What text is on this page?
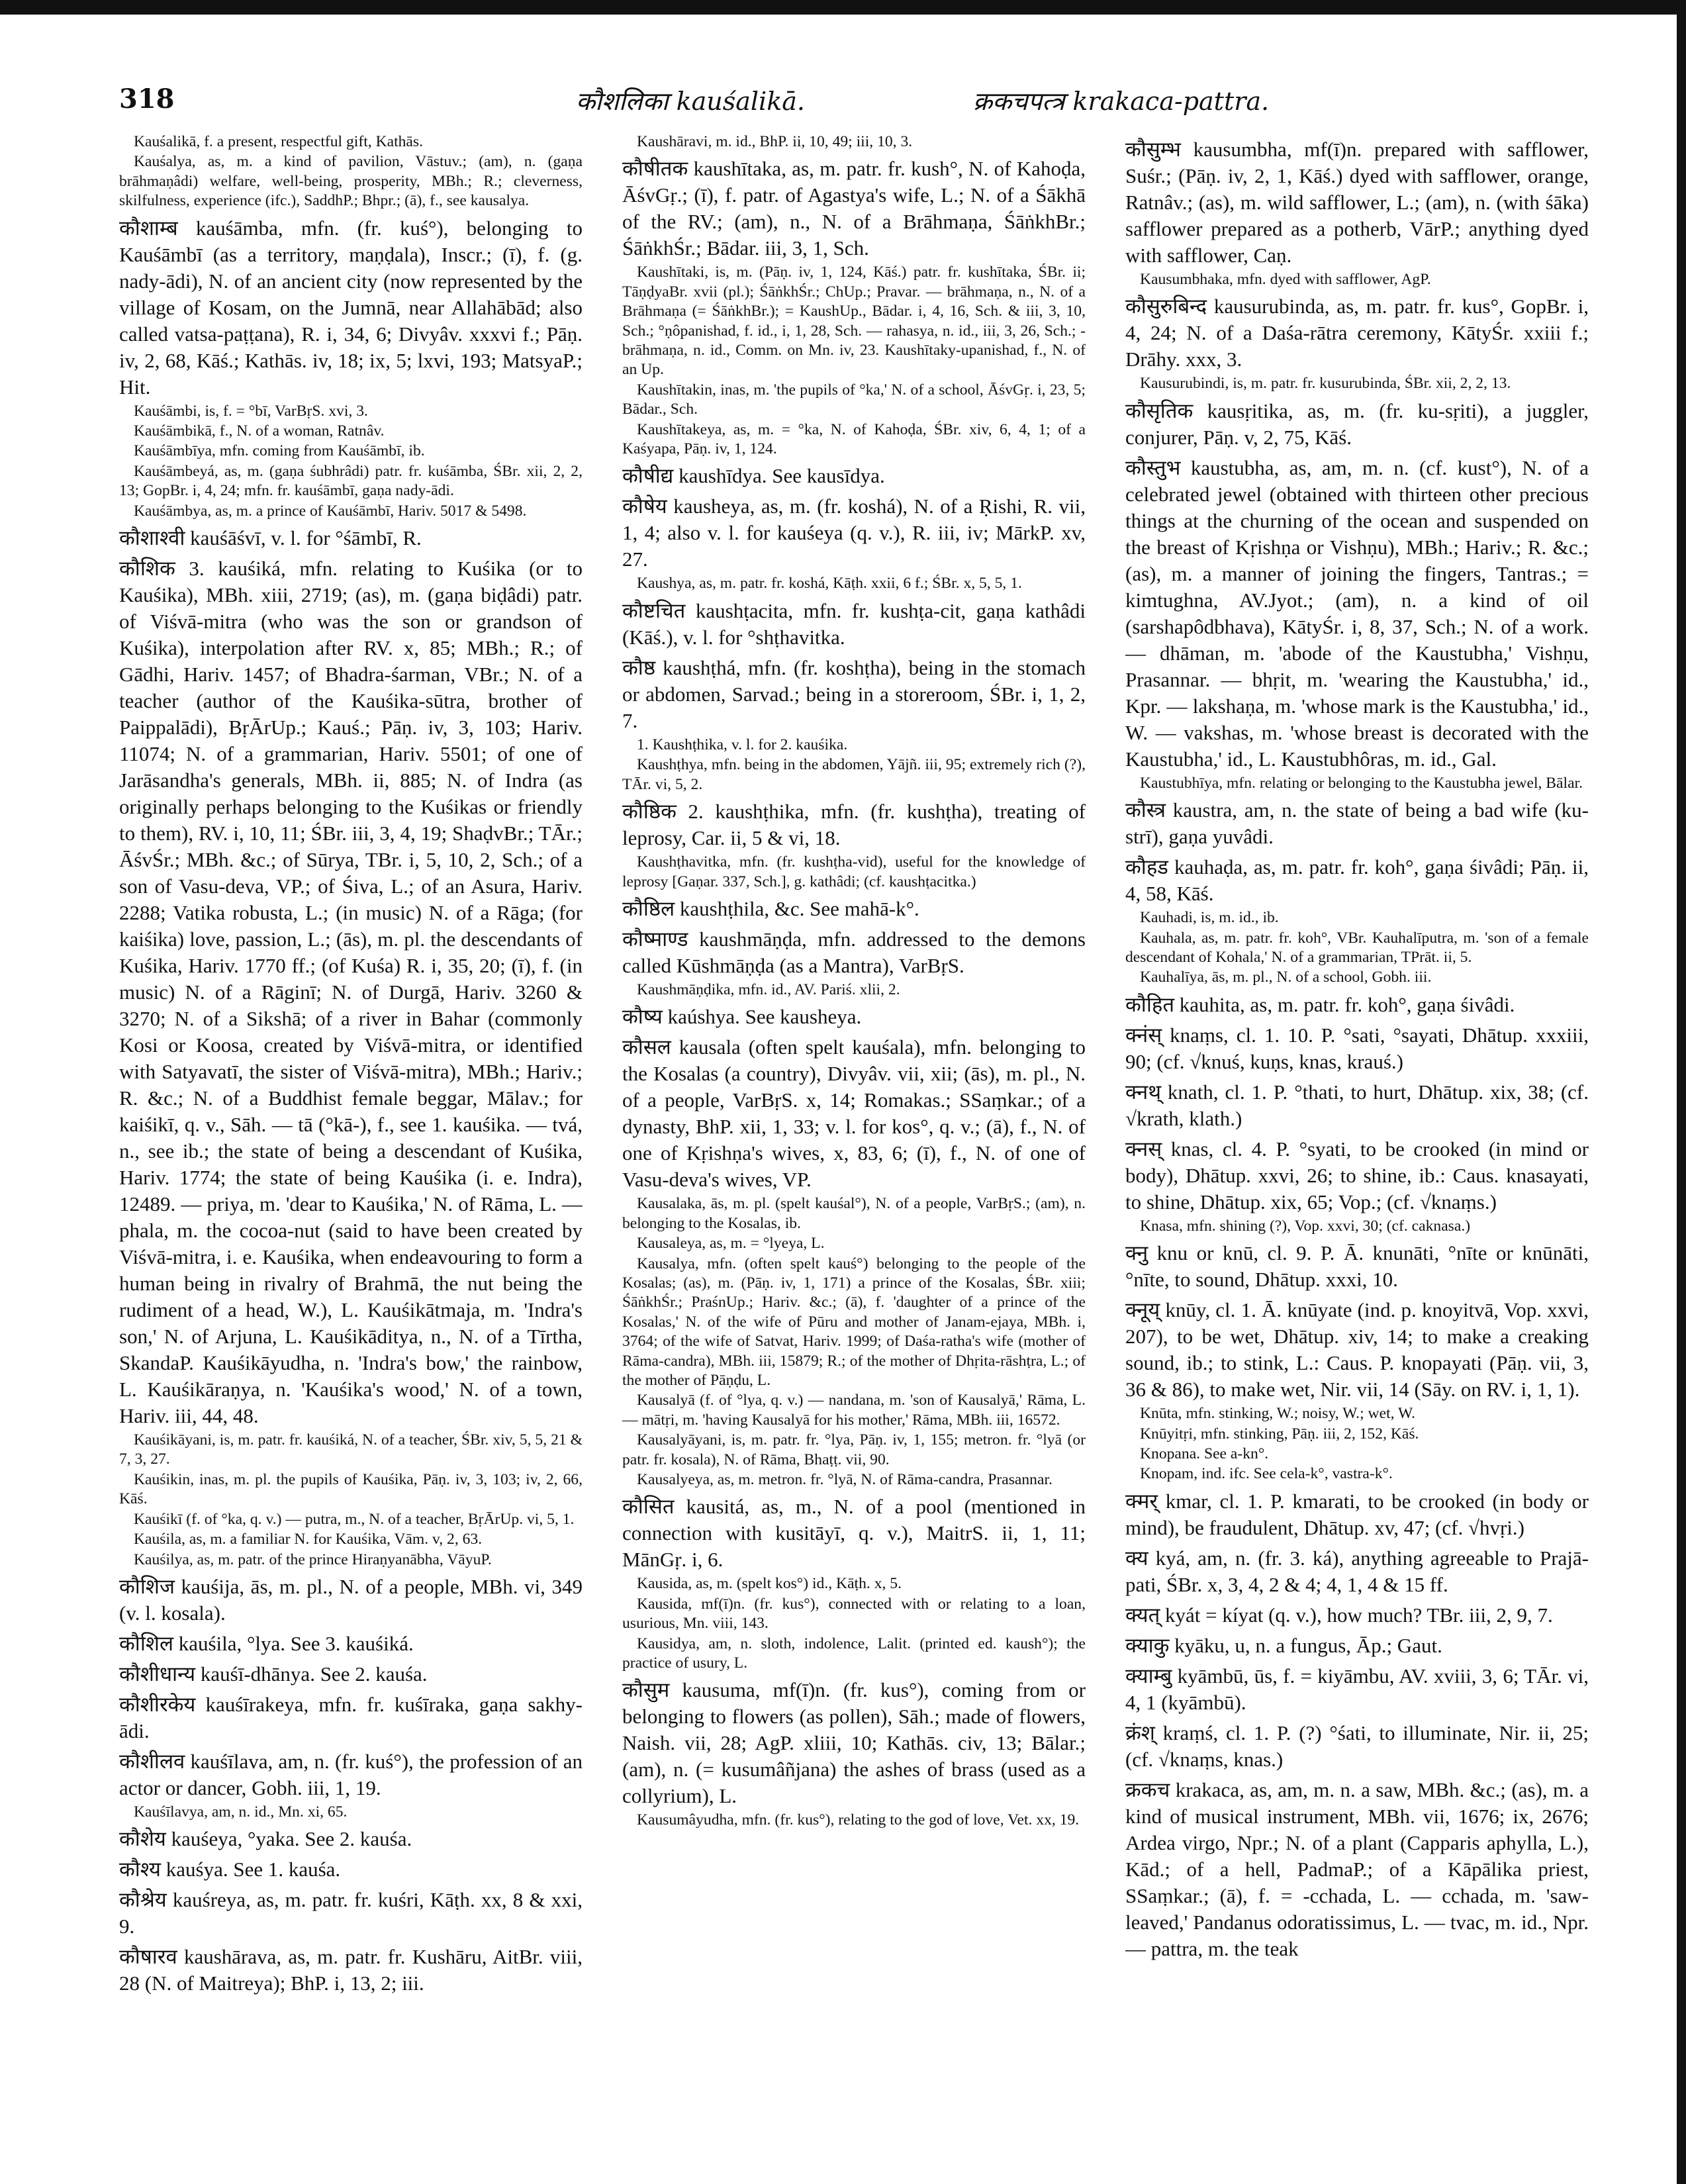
318	कौशलिका kauśalikā.	क्रकचपत्त्र krakaca-pattra.

Kauśalikā, f. a present, respectful gift, Kathās.

Kauśalya, as, m. a kind of pavilion, Vāstuv.; (am), n. (gaṇa brāhmaṇâdi) welfare, well-being, prosperity, MBh.; R.; cleverness, skilfulness, experience (ifc.), SaddhP.; Bhpr.; (ā), f., see kausalya.

कौशाम्ब kauśāmba, mfn. (fr. kuś°), belonging to Kauśāmbī (as a territory, maṇḍala), Inscr.; (ī), f. (g. nady-ādi), N. of an ancient city (now represented by the village of Kosam, on the Jumnā, near Allahābād; also called vatsa-paṭṭana), R. i, 34, 6; Divyâv. xxxvi f.; Pāṇ. iv, 2, 68, Kāś.; Kathās. iv, 18; ix, 5; lxvi, 193; MatsyaP.; Hit.

Kauśāmbi, is, f. = °bī, VarBṛS. xvi, 3.

Kauśāmbikā, f., N. of a woman, Ratnâv.

Kauśāmbīya, mfn. coming from Kauśāmbī, ib.

Kauśāmbeyá, as, m. (gaṇa śubhrâdi) patr. fr. kuśāmba, ŚBr. xii, 2, 2, 13; GopBr. i, 4, 24; mfn. fr. kauśāmbī, gaṇa nady-ādi.

Kauśāmbya, as, m. a prince of Kauśāmbī, Hariv. 5017 & 5498.

कौशाश्वी kauśāśvī, v. l. for °śāmbī, R.

कौशिक 3. kauśiká, mfn. relating to Kuśika (or to Kauśika), MBh. xiii, 2719; (as), m. (gaṇa biḍâdi) patr. of Viśvā-mitra (who was the son or grandson of Kuśika), interpolation after RV. x, 85; MBh.; R.; of Gādhi, Hariv. 1457; of Bhadra-śarman, VBr.; N. of a teacher (author of the Kauśika-sūtra, brother of Paippalādi), BṛĀrUp.; Kauś.; Pāṇ. iv, 3, 103; Hariv. 11074; N. of a grammarian, Hariv. 5501; of one of Jarāsandha's generals, MBh. ii, 885; N. of Indra (as originally perhaps belonging to the Kuśikas or friendly to them), RV. i, 10, 11; ŚBr. iii, 3, 4, 19; ShaḍvBr.; TĀr.; ĀśvŚr.; MBh. &c.; of Sūrya, TBr. i, 5, 10, 2, Sch.; of a son of Vasu-deva, VP.; of Śiva, L.; of an Asura, Hariv. 2288; Vatika robusta, L.; (in music) N. of a Rāga; (for kaiśika) love, passion, L.; (ās), m. pl. the descendants of Kuśika, Hariv. 1770 ff.; (of Kuśa) R. i, 35, 20; (ī), f. (in music) N. of a Rāginī; N. of Durgā, Hariv. 3260 & 3270; N. of a Sikshā; of a river in Bahar (commonly Kosi or Koosa, created by Viśvā-mitra, or identified with Satyavatī, the sister of Viśvā-mitra), MBh.; Hariv.; R. &c.; N. of a Buddhist female beggar, Mālav.; for kaiśikī, q. v., Sāh. — tā (°kā-), f., see 1. kauśika. — tvá, n., see ib.; the state of being a descendant of Kuśika, Hariv. 1774; the state of being Kauśika (i. e. Indra), 12489. — priya, m. 'dear to Kauśika,' N. of Rāma, L. — phala, m. the cocoa-nut (said to have been created by Viśvā-mitra, i. e. Kauśika, when endeavouring to form a human being in rivalry of Brahmā, the nut being the rudiment of a head, W.), L. Kauśikātmaja, m. 'Indra's son,' N. of Arjuna, L. Kauśikāditya, n., N. of a Tīrtha, SkandaP. Kauśikāyudha, n. 'Indra's bow,' the rainbow, L. Kauśikāraṇya, n. 'Kauśika's wood,' N. of a town, Hariv. iii, 44, 48.

Kauśikāyani, is, m. patr. fr. kauśiká, N. of a teacher, ŚBr. xiv, 5, 5, 21 & 7, 3, 27.

Kauśikin, inas, m. pl. the pupils of Kauśika, Pāṇ. iv, 3, 103; iv, 2, 66, Kāś.

Kauśikī (f. of °ka, q. v.) — putra, m., N. of a teacher, BṛĀrUp. vi, 5, 1.

Kauśila, as, m. a familiar N. for Kauśika, Vām. v, 2, 63.

Kauśilya, as, m. patr. of the prince Hiraṇyanābha, VāyuP.

कौशिज kauśija, ās, m. pl., N. of a people, MBh. vi, 349 (v. l. kosala).

कौशिल kauśila, °lya. See 3. kauśiká.

कौशीधान्य kauśī-dhānya. See 2. kauśa.

कौशीरकेय kauśīrakeya, mfn. fr. kuśīraka, gaṇa sakhy-ādi.

कौशीलव kauśīlava, am, n. (fr. kuś°), the profession of an actor or dancer, Gobh. iii, 1, 19.

Kauśīlavya, am, n. id., Mn. xi, 65.

कौशेय kauśeya, °yaka. See 2. kauśa.

कौश्य kauśya. See 1. kauśa.

कौश्रेय kauśreya, as, m. patr. fr. kuśri, Kāṭh. xx, 8 & xxi, 9.

कौषारव kaushārava, as, m. patr. fr. Kushāru, AitBr. viii, 28 (N. of Maitreya); BhP. i, 13, 2; iii.

Kaushāravi, m. id., BhP. ii, 10, 49; iii, 10, 3.

कौषीतक kaushītaka, as, m. patr. fr. kush°, N. of Kahoḍa, ĀśvGṛ.; (ī), f. patr. of Agastya's wife, L.; N. of a Śākhā of the RV.; (am), n., N. of a Brāhmaṇa, ŚāṅkhBr.; ŚāṅkhŚr.; Bādar. iii, 3, 1, Sch.

Kaushītaki, is, m. (Pāṇ. iv, 1, 124, Kāś.) patr. fr. kushītaka, ŚBr. ii; TāṇḍyaBr. xvii (pl.); ŚāṅkhŚr.; ChUp.; Pravar. — brāhmaṇa, n., N. of a Brāhmaṇa (= ŚāṅkhBr.); = KaushUp., Bādar. i, 4, 16, Sch. & iii, 3, 10, Sch.; °ṇôpanishad, f. id., i, 1, 28, Sch. — rahasya, n. id., iii, 3, 26, Sch.; -brāhmaṇa, n. id., Comm. on Mn. iv, 23. Kaushītaky-upanishad, f., N. of an Up.

Kaushītakin, inas, m. 'the pupils of °ka,' N. of a school, ĀśvGṛ. i, 23, 5; Bādar., Sch.

Kaushītakeya, as, m. = °ka, N. of Kahoḍa, ŚBr. xiv, 6, 4, 1; of a Kaśyapa, Pāṇ. iv, 1, 124.

कौषीद्य kaushīdya. See kausīdya.

कौषेय kausheya, as, m. (fr. koshá), N. of a Ṛishi, R. vii, 1, 4; also v. l. for kauśeya (q. v.), R. iii, iv; MārkP. xv, 27.

Kaushya, as, m. patr. fr. koshá, Kāṭh. xxii, 6 f.; ŚBr. x, 5, 5, 1.

कौष्टचित kaushṭacita, mfn. fr. kushṭa-cit, gaṇa kathâdi (Kāś.), v. l. for °shṭhavitka.

कौष्ठ kaushṭhá, mfn. (fr. koshṭha), being in the stomach or abdomen, Sarvad.; being in a storeroom, ŚBr. i, 1, 2, 7.

1. Kaushṭhika, v. l. for 2. kauśika.

Kaushṭhya, mfn. being in the abdomen, Yājñ. iii, 95; extremely rich (?), TĀr. vi, 5, 2.

कौष्ठिक 2. kaushṭhika, mfn. (fr. kushṭha), treating of leprosy, Car. ii, 5 & vi, 18.

Kaushṭhavitka, mfn. (fr. kushṭha-vid), useful for the knowledge of leprosy [Gaṇar. 337, Sch.], g. kathâdi; (cf. kaushṭacitka.)

कौष्ठिल kaushṭhila, &c. See mahā-k°.

कौष्माण्ड kaushmāṇḍa, mfn. addressed to the demons called Kūshmāṇḍa (as a Mantra), VarBṛS.

Kaushmāṇḍika, mfn. id., AV. Pariś. xlii, 2.

कौष्य kaúshya. See kausheya.

कौसल kausala (often spelt kauśala), mfn. belonging to the Kosalas (a country), Divyâv. vii, xii; (ās), m. pl., N. of a people, VarBṛS. x, 14; Romakas.; SSaṃkar.; of a dynasty, BhP. xii, 1, 33; v. l. for kos°, q. v.; (ā), f., N. of one of Kṛishṇa's wives, x, 83, 6; (ī), f., N. of one of Vasu-deva's wives, VP.

Kausalaka, ās, m. pl. (spelt kauśal°), N. of a people, VarBṛS.; (am), n. belonging to the Kosalas, ib.

Kausaleya, as, m. = °lyeya, L.

Kausalya, mfn. (often spelt kauś°) belonging to the people of the Kosalas; (as), m. (Pāṇ. iv, 1, 171) a prince of the Kosalas, ŚBr. xiii; ŚāṅkhŚr.; PraśnUp.; Hariv. &c.; (ā), f. 'daughter of a prince of the Kosalas,' N. of the wife of Pūru and mother of Janam-ejaya, MBh. i, 3764; of the wife of Satvat, Hariv. 1999; of Daśa-ratha's wife (mother of Rāma-candra), MBh. iii, 15879; R.; of the mother of Dhṛita-rāshṭra, L.; of the mother of Pāṇḍu, L.

Kausalyā (f. of °lya, q. v.) — nandana, m. 'son of Kausalyā,' Rāma, L. — mātṛi, m. 'having Kausalyā for his mother,' Rāma, MBh. iii, 16572.

Kausalyāyani, is, m. patr. fr. °lya, Pāṇ. iv, 1, 155; metron. fr. °lyā (or patr. fr. kosala), N. of Rāma, Bhaṭṭ. vii, 90.

Kausalyeya, as, m. metron. fr. °lyā, N. of Rāma-candra, Prasannar.

कौसित kausitá, as, m., N. of a pool (mentioned in connection with kusitāyī, q. v.), MaitrS. ii, 1, 11; MānGṛ. i, 6.

Kausida, as, m. (spelt kos°) id., Kāṭh. x, 5.

Kausida, mf(ī)n. (fr. kus°), connected with or relating to a loan, usurious, Mn. viii, 143.

Kausidya, am, n. sloth, indolence, Lalit. (printed ed. kaush°); the practice of usury, L.

कौसुम kausuma, mf(ī)n. (fr. kus°), coming from or belonging to flowers (as pollen), Sāh.; made of flowers, Naish. vii, 28; AgP. xliii, 10; Kathās. civ, 13; Bālar.; (am), n. (= kusumâñjana) the ashes of brass (used as a collyrium), L.

Kausumâyudha, mfn. (fr. kus°), relating to the god of love, Vet. xx, 19.

कौसुम्भ kausumbha, mf(ī)n. prepared with safflower, Suśr.; (Pāṇ. iv, 2, 1, Kāś.) dyed with safflower, orange, Ratnâv.; (as), m. wild safflower, L.; (am), n. (with śāka) safflower prepared as a potherb, VārP.; anything dyed with safflower, Caṇ.

Kausumbhaka, mfn. dyed with safflower, AgP.

कौसुरुबिन्द kausurubinda, as, m. patr. fr. kus°, GopBr. i, 4, 24; N. of a Daśa-rātra ceremony, KātyŚr. xxiii f.; Drāhy. xxx, 3.

Kausurubindi, is, m. patr. fr. kusurubinda, ŚBr. xii, 2, 2, 13.

कौसृतिक kausṛitika, as, m. (fr. ku-sṛiti), a juggler, conjurer, Pāṇ. v, 2, 75, Kāś.

कौस्तुभ kaustubha, as, am, m. n. (cf. kust°), N. of a celebrated jewel (obtained with thirteen other precious things at the churning of the ocean and suspended on the breast of Kṛishṇa or Vishṇu), MBh.; Hariv.; R. &c.; (as), m. a manner of joining the fingers, Tantras.; = kimtughna, AV.Jyot.; (am), n. a kind of oil (sarshapôdbhava), KātyŚr. i, 8, 37, Sch.; N. of a work. — dhāman, m. 'abode of the Kaustubha,' Vishṇu, Prasannar. — bhṛit, m. 'wearing the Kaustubha,' id., Kpr. — lakshaṇa, m. 'whose mark is the Kaustubha,' id., W. — vakshas, m. 'whose breast is decorated with the Kaustubha,' id., L. Kaustubhôras, m. id., Gal.

Kaustubhīya, mfn. relating or belonging to the Kaustubha jewel, Bālar.

कौस्त्र kaustra, am, n. the state of being a bad wife (ku-strī), gaṇa yuvâdi.

कौहड kauhaḍa, as, m. patr. fr. koh°, gaṇa śivâdi; Pāṇ. ii, 4, 58, Kāś.

Kauhadi, is, m. id., ib.

Kauhala, as, m. patr. fr. koh°, VBr. Kauhalīputra, m. 'son of a female descendant of Kohala,' N. of a grammarian, TPrāt. ii, 5.

Kauhalīya, ās, m. pl., N. of a school, Gobh. iii.

कौहित kauhita, as, m. patr. fr. koh°, gaṇa śivâdi.

क्नंस् knaṃs, cl. 1. 10. P. °sati, °sayati, Dhātup. xxxiii, 90; (cf. √knuś, kuṇs, knas, krauś.)

क्नथ् knath, cl. 1. P. °thati, to hurt, Dhātup. xix, 38; (cf. √krath, klath.)

क्नस् knas, cl. 4. P. °syati, to be crooked (in mind or body), Dhātup. xxvi, 26; to shine, ib.: Caus. knasayati, to shine, Dhātup. xix, 65; Vop.; (cf. √knaṃs.)

Knasa, mfn. shining (?), Vop. xxvi, 30; (cf. caknasa.)

क्नु knu or knū, cl. 9. P. Ā. knunāti, °nīte or knūnāti, °nīte, to sound, Dhātup. xxxi, 10.

क्नूय् knūy, cl. 1. Ā. knūyate (ind. p. knoyitvā, Vop. xxvi, 207), to be wet, Dhātup. xiv, 14; to make a creaking sound, ib.; to stink, L.: Caus. P. knopayati (Pāṇ. vii, 3, 36 & 86), to make wet, Nir. vii, 14 (Sāy. on RV. i, 1, 1).

Knūta, mfn. stinking, W.; noisy, W.; wet, W.

Knūyitṛi, mfn. stinking, Pāṇ. iii, 2, 152, Kāś.

Knopana. See a-kn°.

Knopam, ind. ifc. See cela-k°, vastra-k°.

क्मर् kmar, cl. 1. P. kmarati, to be crooked (in body or mind), be fraudulent, Dhātup. xv, 47; (cf. √hvṛi.)

क्य kyá, am, n. (fr. 3. ká), anything agreeable to Prajā-pati, ŚBr. x, 3, 4, 2 & 4; 4, 1, 4 & 15 ff.

क्यत् kyát = kíyat (q. v.), how much? TBr. iii, 2, 9, 7.

क्याकु kyāku, u, n. a fungus, Āp.; Gaut.

क्याम्बु kyāmbū, ūs, f. = kiyāmbu, AV. xviii, 3, 6; TĀr. vi, 4, 1 (kyāmbū).

क्रंश् kraṃś, cl. 1. P. (?) °śati, to illuminate, Nir. ii, 25; (cf. √knaṃs, knas.)

क्रकच krakaca, as, am, m. n. a saw, MBh. &c.; (as), m. a kind of musical instrument, MBh. vii, 1676; ix, 2676; Ardea virgo, Npr.; N. of a plant (Capparis aphylla, L.), Kād.; of a hell, PadmaP.; of a Kāpālika priest, SSaṃkar.; (ā), f. = -cchada, L. — cchada, m. 'saw-leaved,' Pandanus odoratissimus, L. — tvac, m. id., Npr. — pattra, m. the teak
